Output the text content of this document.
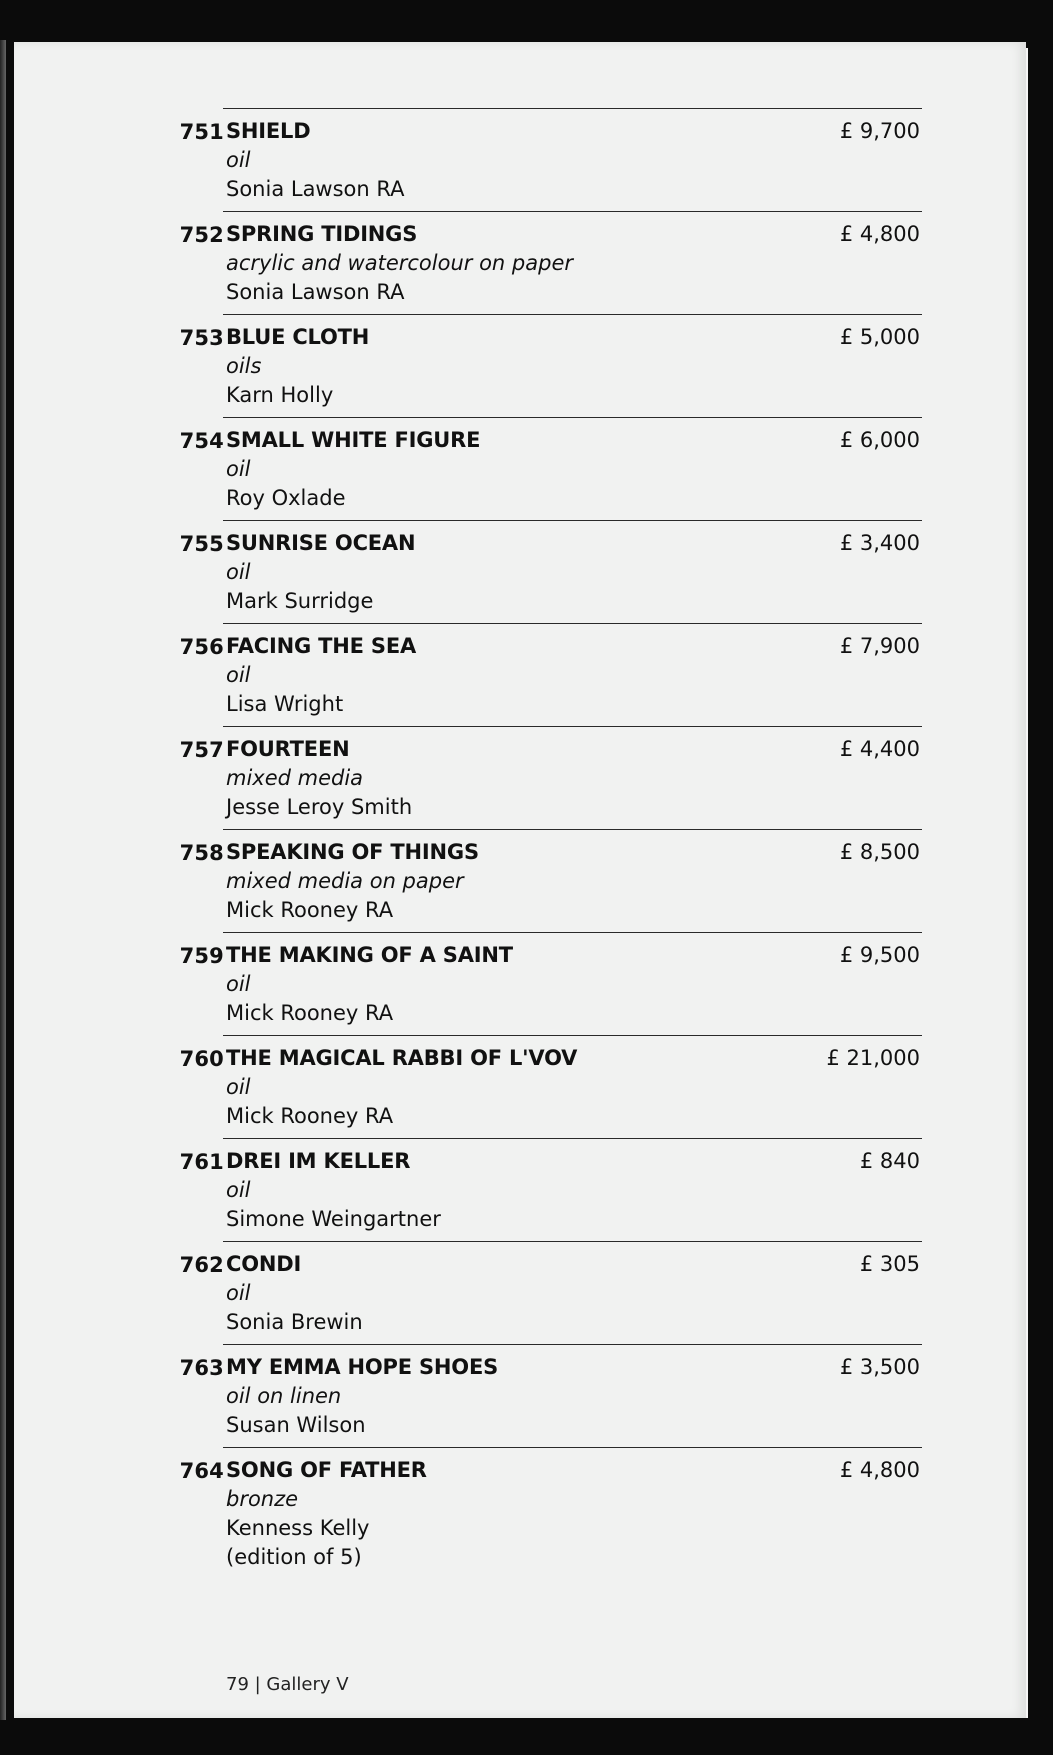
751 SHIELD
oil
Sonia Lawson RA
£ 9,700
752 SPRING TIDINGS
acrylic and watercolour on paper
Sonia Lawson RA
£ 4,800
753 BLUE CLOTH
oils
Karn Holly
£ 5,000
754 SMALL WHITE FIGURE
oil
Roy Oxlade
£ 6,000
755 SUNRISE OCEAN
oil
Mark Surridge
£ 3,400
756 FACING THE SEA
oil
Lisa Wright
£ 7,900
757 FOURTEEN
mixed media
Jesse Leroy Smith
£ 4,400
758 SPEAKING OF THINGS
mixed media on paper
Mick Rooney RA
£ 8,500
759 THE MAKING OF A SAINT
oil
Mick Rooney RA
£ 9,500
760 THE MAGICAL RABBI OF L'VOV
oil
Mick Rooney RA
£ 21,000
761 DREI IM KELLER
oil
Simone Weingartner
£ 840
762 CONDI
oil
Sonia Brewin
£ 305
763 MY EMMA HOPE SHOES
oil on linen
Susan Wilson
£ 3,500
764 SONG OF FATHER
bronze
Kenness Kelly
(edition of 5)
£ 4,800
79 | Gallery V
